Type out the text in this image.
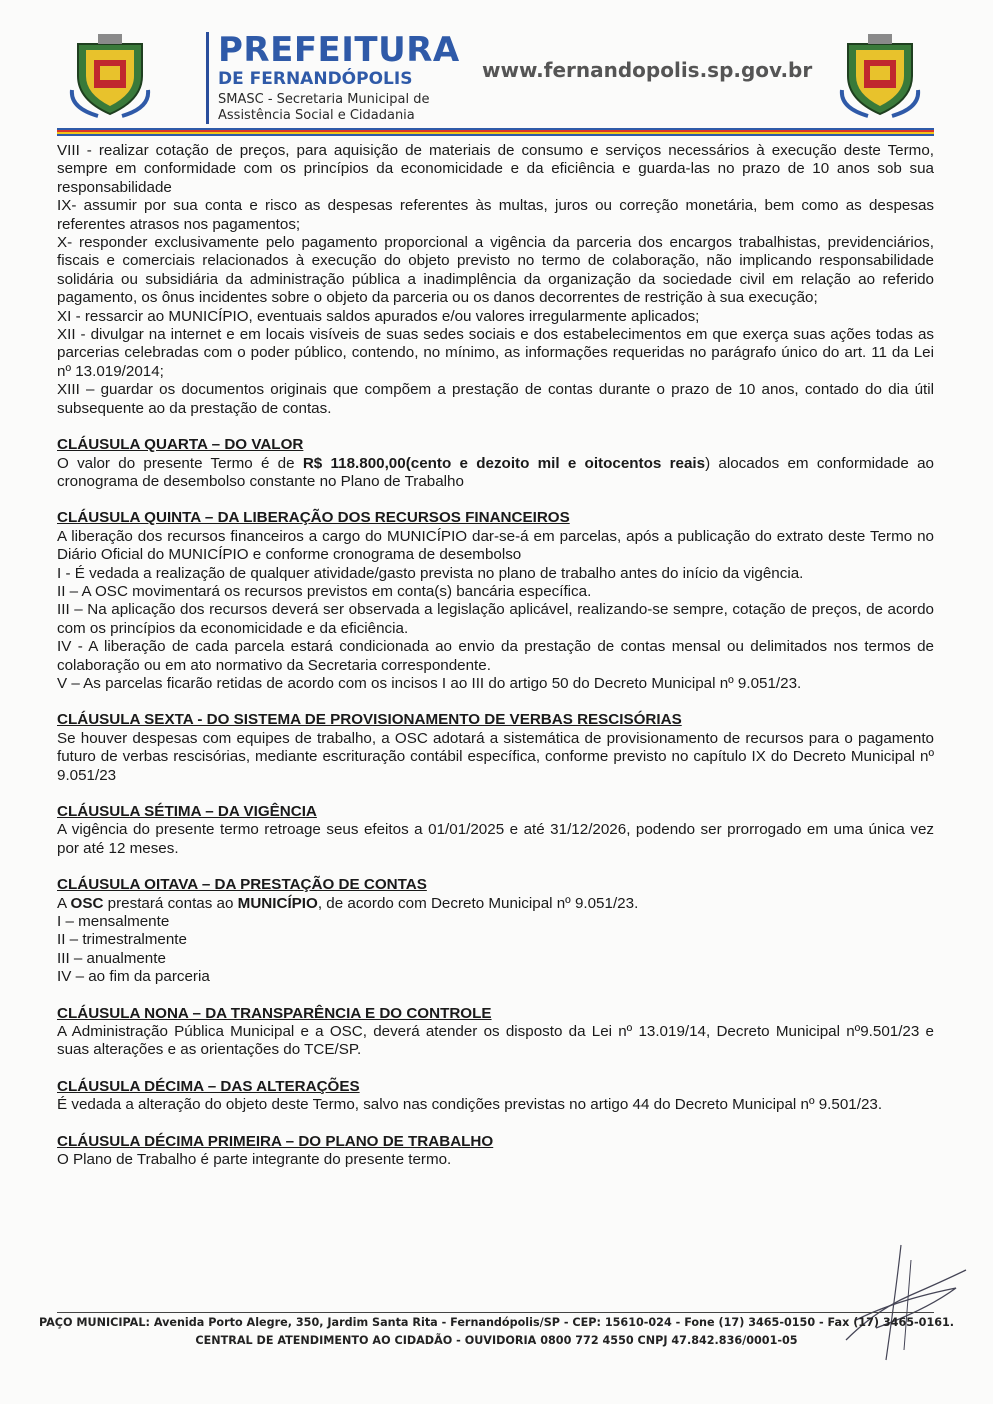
PREFEITURA
DE FERNANDÓPOLIS
SMASC - Secretaria Municipal de
Assistência Social e Cidadania
www.fernandopolis.sp.gov.br

VIII - realizar cotação de preços, para aquisição de materiais de consumo e serviços necessários à execução deste Termo, sempre em conformidade com os princípios da economicidade e da eficiência e guarda-las no prazo de 10 anos sob sua responsabilidade

IX- assumir por sua conta e risco as despesas referentes às multas, juros ou correção monetária, bem como as despesas referentes atrasos nos pagamentos;

X- responder exclusivamente pelo pagamento proporcional a vigência da parceria dos encargos trabalhistas, previdenciários, fiscais e comerciais relacionados à execução do objeto previsto no termo de colaboração, não implicando responsabilidade solidária ou subsidiária da administração pública a inadimplência da organização da sociedade civil em relação ao referido pagamento, os ônus incidentes sobre o objeto da parceria ou os danos decorrentes de restrição à sua execução;

XI - ressarcir ao MUNICÍPIO, eventuais saldos apurados e/ou valores irregularmente aplicados;

XII - divulgar na internet e em locais visíveis de suas sedes sociais e dos estabelecimentos em que exerça suas ações todas as parcerias celebradas com o poder público, contendo, no mínimo, as informações requeridas no parágrafo único do art. 11 da Lei nº 13.019/2014;

XIII – guardar os documentos originais que compõem a prestação de contas durante o prazo de 10 anos, contado do dia útil subsequente ao da prestação de contas.

CLÁUSULA QUARTA – DO VALOR

O valor do presente Termo é de R$ 118.800,00(cento e dezoito mil e oitocentos reais) alocados em conformidade ao cronograma de desembolso constante no Plano de Trabalho

CLÁUSULA QUINTA – DA LIBERAÇÃO DOS RECURSOS FINANCEIROS

A liberação dos recursos financeiros a cargo do MUNICÍPIO dar-se-á em parcelas, após a publicação do extrato deste Termo no Diário Oficial do MUNICÍPIO e conforme cronograma de desembolso

I - É vedada a realização de qualquer atividade/gasto prevista no plano de trabalho antes do início da vigência.

II – A OSC movimentará os recursos previstos em conta(s) bancária específica.

III – Na aplicação dos recursos deverá ser observada a legislação aplicável, realizando-se sempre, cotação de preços, de acordo com os princípios da economicidade e da eficiência.

IV - A liberação de cada parcela estará condicionada ao envio da prestação de contas mensal ou delimitados nos termos de colaboração ou em ato normativo da Secretaria correspondente.

V – As parcelas ficarão retidas de acordo com os incisos I ao III do artigo 50 do Decreto Municipal nº 9.051/23.

CLÁUSULA SEXTA - DO SISTEMA DE PROVISIONAMENTO DE VERBAS RESCISÓRIAS

Se houver despesas com equipes de trabalho, a OSC adotará a sistemática de provisionamento de recursos para o pagamento futuro de verbas rescisórias, mediante escrituração contábil específica, conforme previsto no capítulo IX do Decreto Municipal nº 9.051/23

CLÁUSULA SÉTIMA – DA VIGÊNCIA

A vigência do presente termo retroage seus efeitos a 01/01/2025 e até 31/12/2026, podendo ser prorrogado em uma única vez por até 12 meses.

CLÁUSULA OITAVA – DA PRESTAÇÃO DE CONTAS

A OSC prestará contas ao MUNICÍPIO, de acordo com Decreto Municipal nº 9.051/23.

I – mensalmente

II – trimestralmente

III – anualmente

IV – ao fim da parceria

CLÁUSULA NONA – DA TRANSPARÊNCIA E DO CONTROLE

A Administração Pública Municipal e a OSC, deverá atender os disposto da Lei nº 13.019/14, Decreto Municipal nº9.501/23 e suas alterações e as orientações do TCE/SP.

CLÁUSULA DÉCIMA – DAS ALTERAÇÕES

É vedada a alteração do objeto deste Termo, salvo nas condições previstas no artigo 44 do Decreto Municipal nº 9.501/23.

CLÁUSULA DÉCIMA PRIMEIRA – DO PLANO DE TRABALHO

O Plano de Trabalho é parte integrante do presente termo.

PAÇO MUNICIPAL: Avenida Porto Alegre, 350, Jardim Santa Rita - Fernandópolis/SP - CEP: 15610-024 - Fone (17) 3465-0150 - Fax (17) 3465-0161.
CENTRAL DE ATENDIMENTO AO CIDADÃO - OUVIDORIA 0800 772 4550 CNPJ 47.842.836/0001-05
